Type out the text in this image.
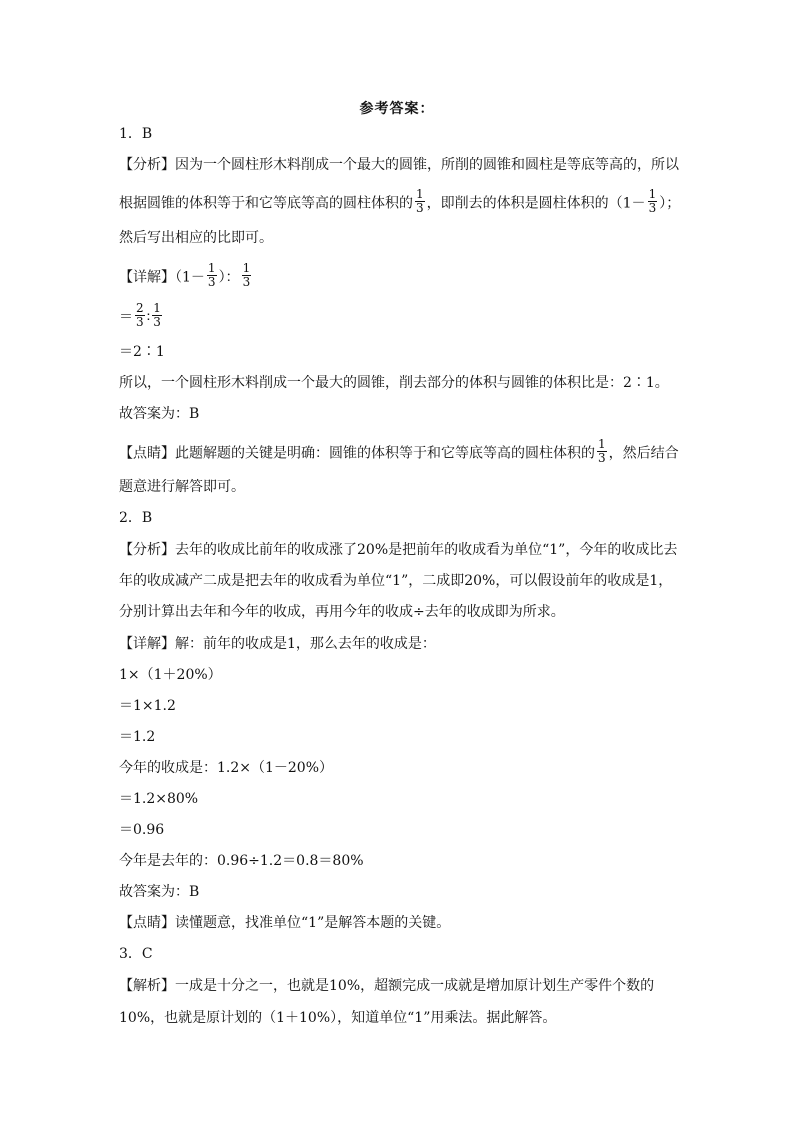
参考答案：
1．B
【分析】因为一个圆柱形木料削成一个最大的圆锥，所削的圆锥和圆柱是等底等高的，所以
根据圆锥的体积等于和它等底等高的圆柱体积的 $\frac{1}{3}$ ，即削去的体积是圆柱体积的（$1- \frac{1}{3}$ ）；
然后写出相应的比即可。
【详解】（$1- \frac{1}{3}$ ）： $\frac{1}{3}$
＝ $\frac{2}{3}$ ∶ $\frac{1}{3}$
＝2∶1
所以，一个圆柱形木料削成一个最大的圆锥，削去部分的体积与圆锥的体积比是：2∶1。
故答案为：B
【点睛】此题解题的关键是明确：圆锥的体积等于和它等底等高的圆柱体积的 $\frac{1}{3}$ ，然后结合
题意进行解答即可。
2．B
【分析】去年的收成比前年的收成涨了20%是把前年的收成看为单位“1”，今年的收成比去
年的收成减产二成是把去年的收成看为单位“1”，二成即20%，可以假设前年的收成是1，
分别计算出去年和今年的收成，再用今年的收成÷去年的收成即为所求。
【详解】解：前年的收成是1，那么去年的收成是：
1×（1＋20%）
＝1×1.2
＝1.2
今年的收成是：1.2×（1－20%）
＝1.2×80%
＝0.96
今年是去年的：0.96÷1.2＝0.8＝80%
故答案为：B
【点睛】读懂题意，找准单位“1”是解答本题的关键。
3．C
【解析】一成是十分之一，也就是10%，超额完成一成就是增加原计划生产零件个数的
10%，也就是原计划的（1＋10%），知道单位“1”用乘法。据此解答。
